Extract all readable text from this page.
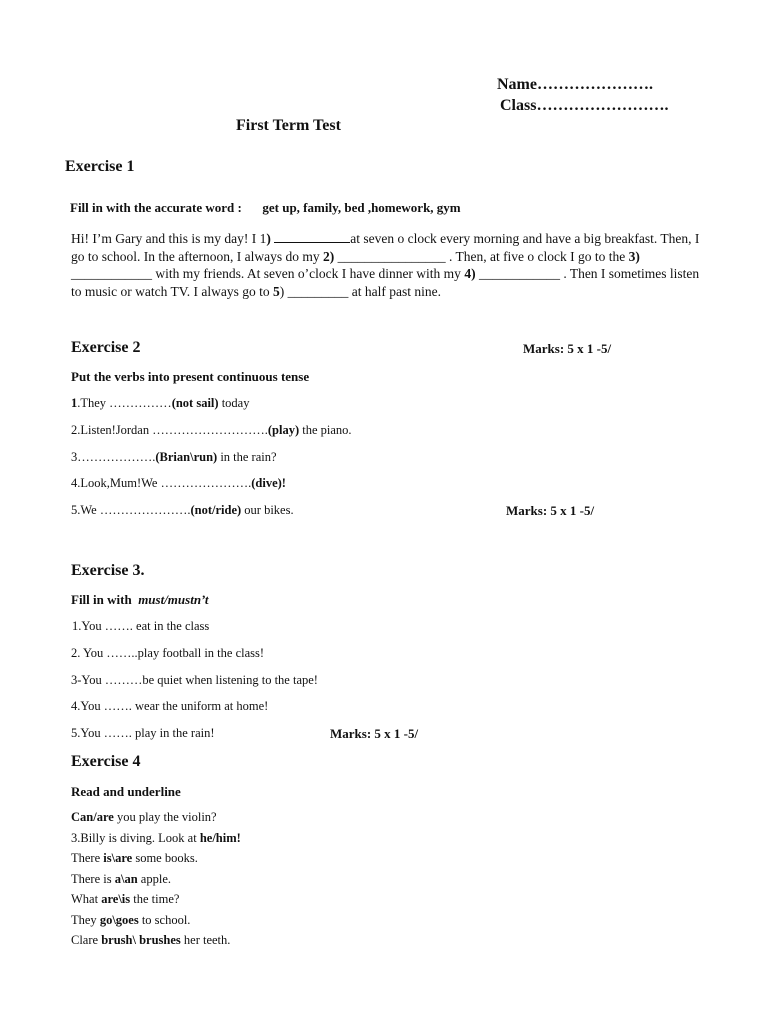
Name………………….
Class…………………….
First Term Test
Exercise 1
Fill in with the accurate word : get up, family, bed ,homework, gym
Hi! I’m Gary and this is my day! I 1)	at seven o clock every morning and have a big breakfast. Then, I go to school. In the afternoon, I always do my 2) ________________ . Then, at five o clock I go to the 3) ____________ with my friends. At seven o’clock I have dinner with my 4) ____________ . Then I sometimes listen to music or watch TV. I always go to 5) _________ at half past nine.
Exercise 2	Marks: 5 x 1 -5/
Put the verbs into present continuous tense
1.They ……………(not sail) today
2.Listen!Jordan ……………………….(play) the piano.
3……………….(Brian\run) in the rain?
4.Look,Mum!We ………………….(dive)!
5.We ………………….(not/ride) our bikes.	Marks: 5 x 1 -5/
Exercise 3.
Fill in with must/mustn’t
1.You ……. eat in the class
2. You ……..play football in the class!
3-You ………be quiet when listening to the tape!
4.You ……. wear the uniform at home!
5.You ……. play in the rain!	Marks: 5 x 1 -5/
Exercise 4
Read and underline
Can/are you play the violin?
3.Billy is diving. Look at he/him!
There is\are some books.
There is a\an apple.
What are\is the time?
They go\goes to school.
Clare brush\ brushes her teeth.
